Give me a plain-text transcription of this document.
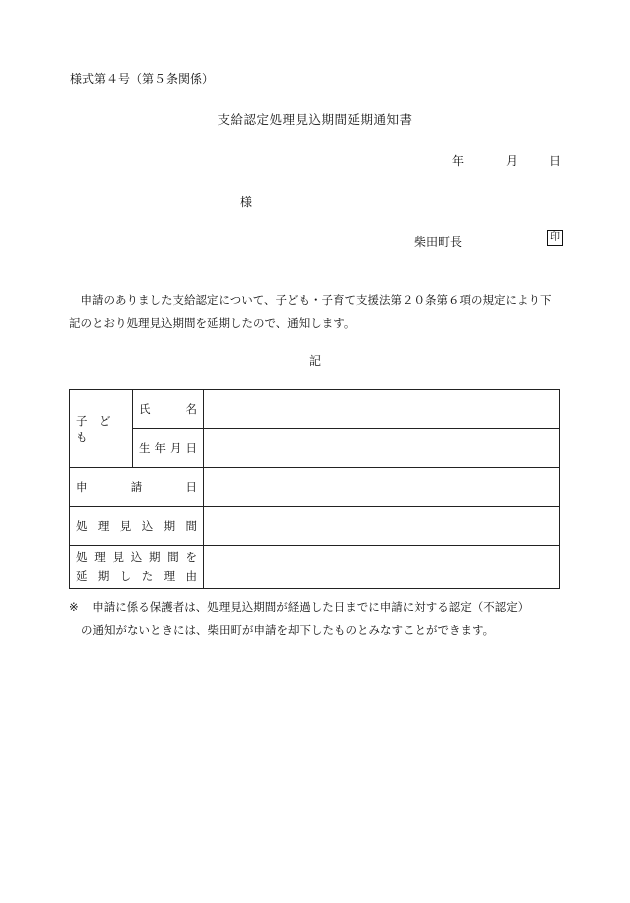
様式第４号（第５条関係）
支給認定処理見込期間延期通知書
年	月	日
様
柴田町長	印
申請のありました支給認定について、子ども・子育て支援法第２０条第６項の規定により下記のとおり処理見込期間を延期したので、通知します。
記
子　ど　も	氏　　名	

	生年月日	

申　　請　　日		

処 理 見 込 期 間		

処理見込期間を
延期した理由		

※ 申請に係る保護者は、処理見込期間が経過した日までに申請に対する認定（不認定）
の通知がないときには、柴田町が申請を却下したものとみなすことができます。
